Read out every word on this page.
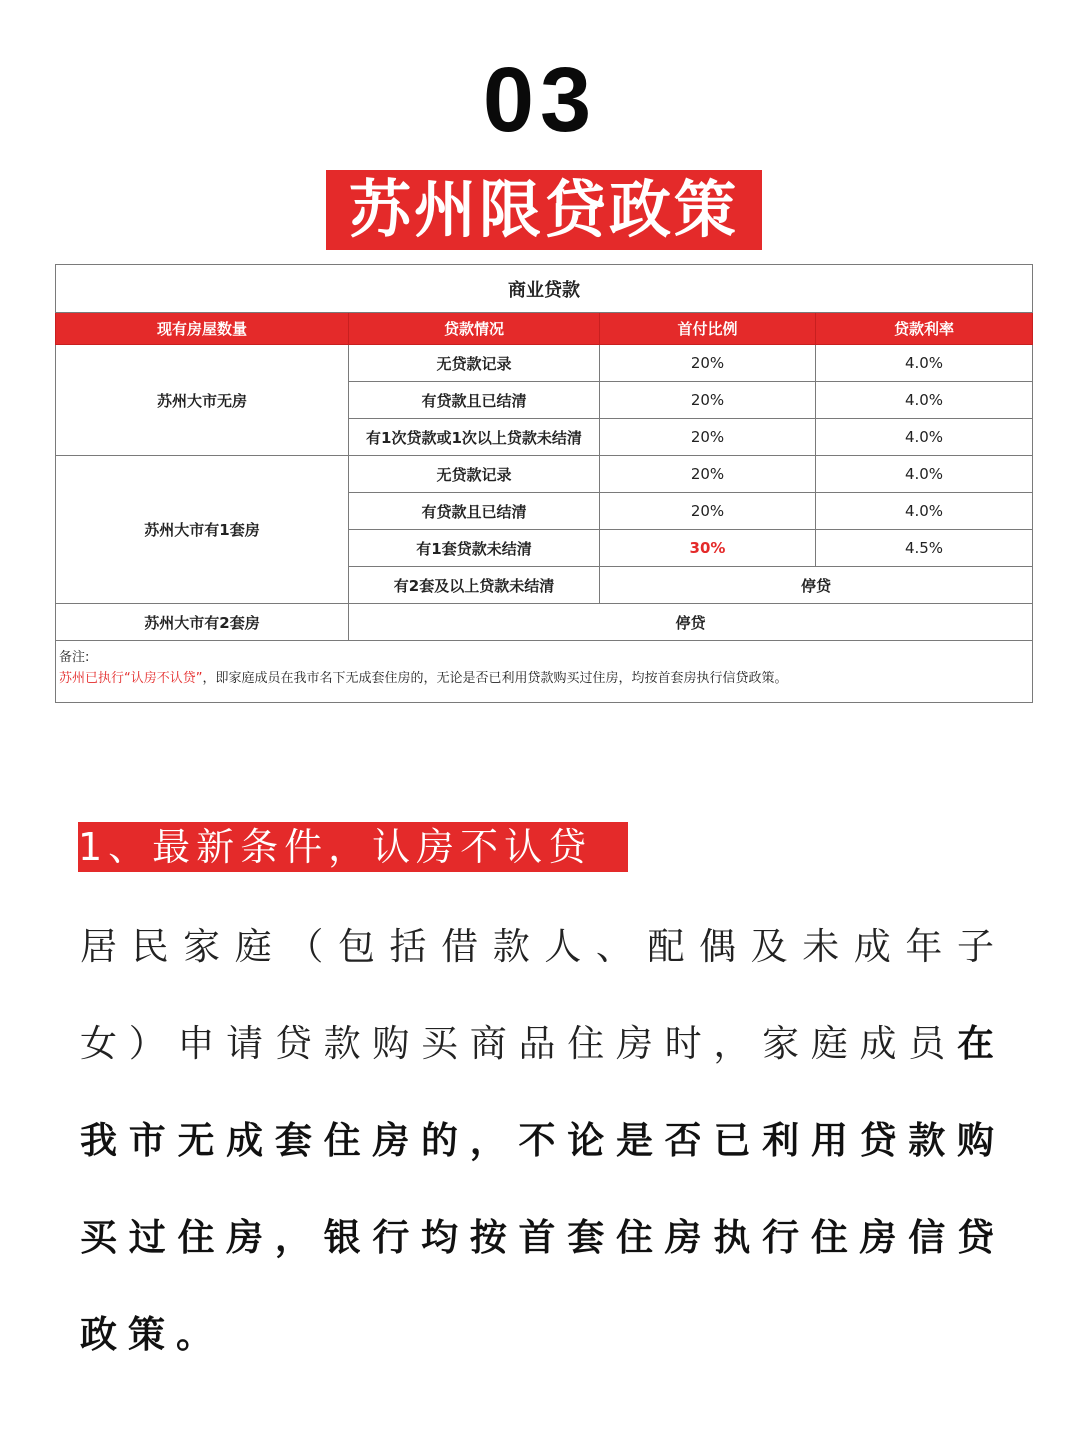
03
苏州限贷政策
商业贷款			
现有房屋数量	贷款情况	首付比例	贷款利率
苏州大市无房	无贷款记录	20%	4.0%
	有贷款且已结清	20%	4.0%
	有1次贷款或1次以上贷款未结清	20%	4.0%
苏州大市有1套房	无贷款记录	20%	4.0%
	有贷款且已结清	20%	4.0%
	有1套贷款未结清	30%	4.5%
	有2套及以上贷款未结清	停贷	
苏州大市有2套房	停贷		
备注:
苏州已执行“认房不认贷”，即家庭成员在我市名下无成套住房的，无论是否已利用贷款购买过住房，均按首套房执行信贷政策。			
1、最新条件，认房不认贷
居民家庭（包括借款人、配偶及未成年子女）申请贷款购买商品住房时，家庭成员在我市无成套住房的，不论是否已利用贷款购买过住房，银行均按首套住房执行住房信贷政策。
